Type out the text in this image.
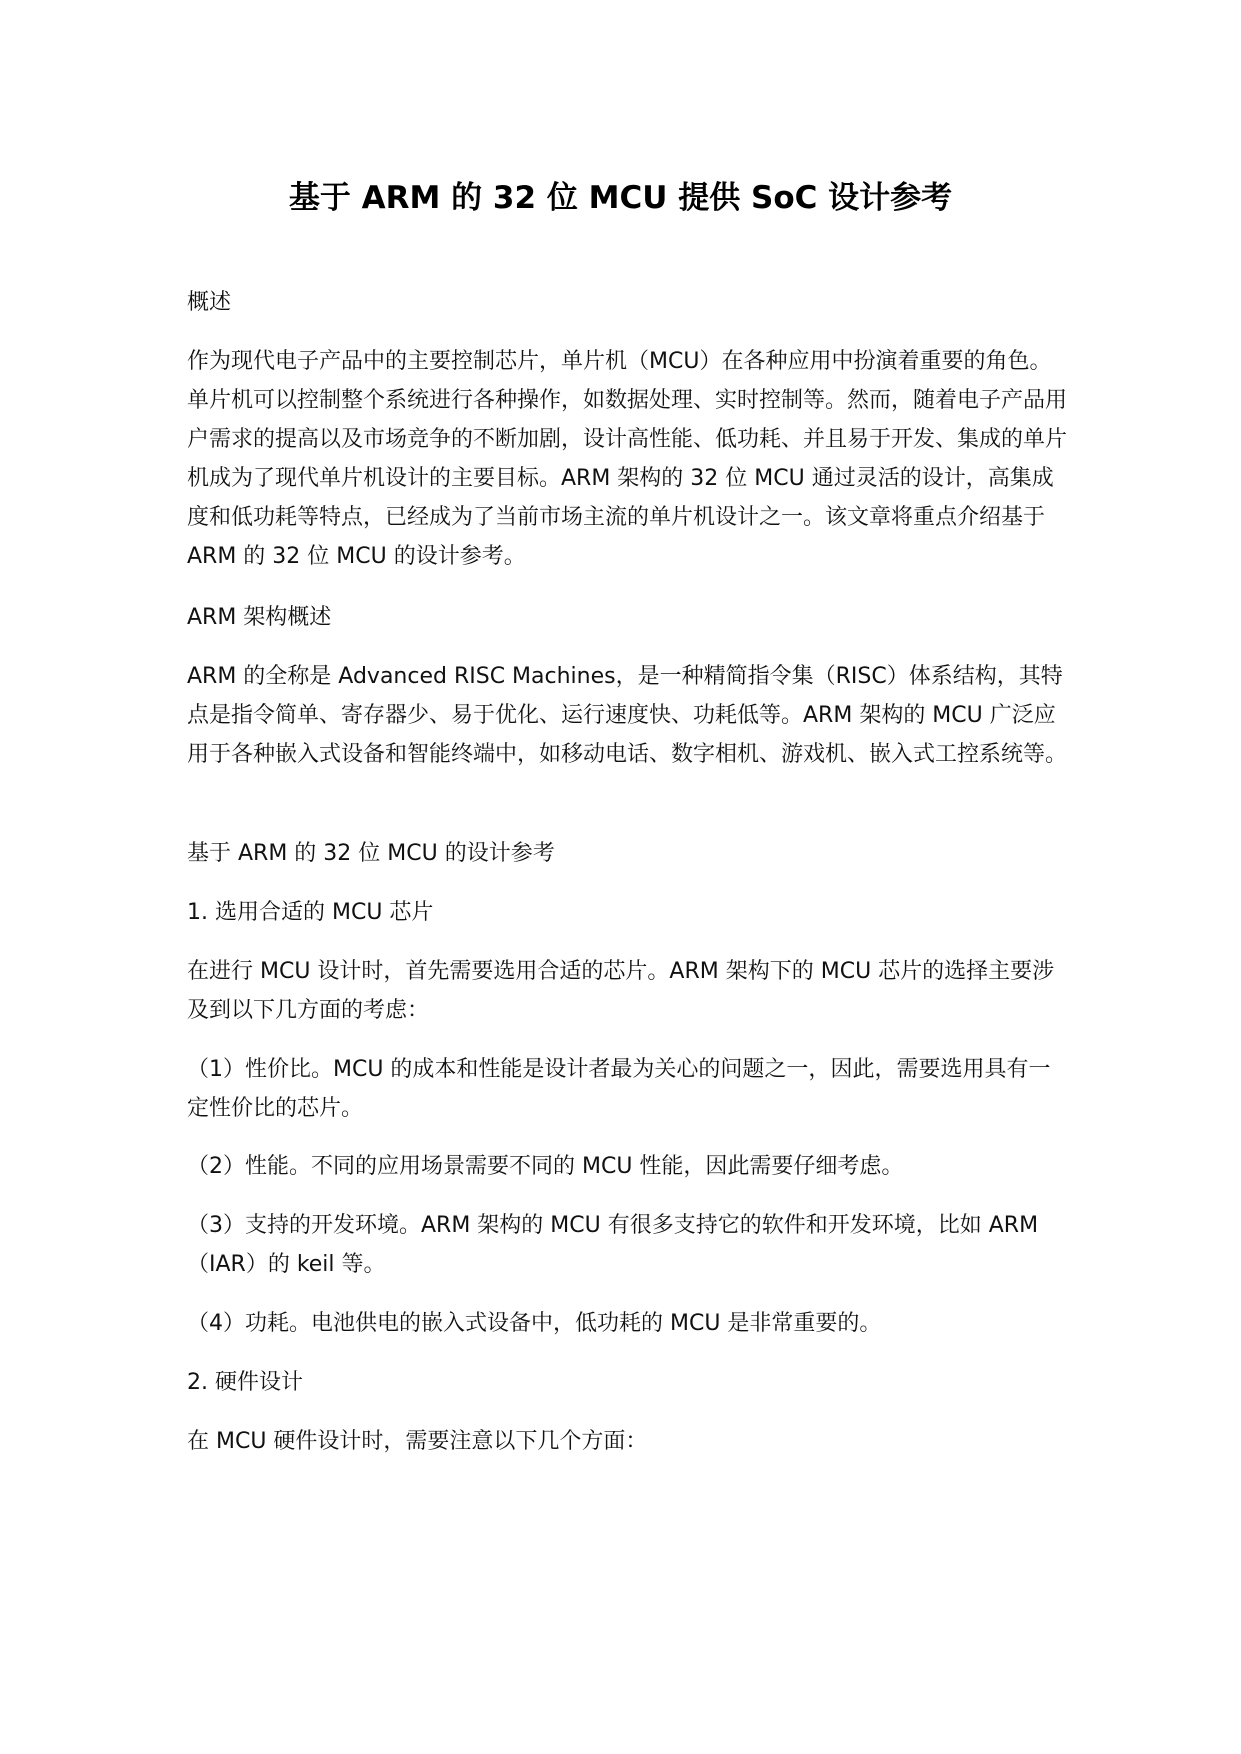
基于 ARM 的 32 位 MCU 提供 SoC 设计参考

概述

作为现代电子产品中的主要控制芯片，单片机（MCU）在各种应用中扮演着重要的角色。单片机可以控制整个系统进行各种操作，如数据处理、实时控制等。然而，随着电子产品用户需求的提高以及市场竞争的不断加剧，设计高性能、低功耗、并且易于开发、集成的单片机成为了现代单片机设计的主要目标。ARM 架构的 32 位 MCU 通过灵活的设计，高集成度和低功耗等特点，已经成为了当前市场主流的单片机设计之一。该文章将重点介绍基于 ARM 的 32 位 MCU 的设计参考。

ARM 架构概述

ARM 的全称是 Advanced RISC Machines，是一种精简指令集（RISC）体系结构，其特点是指令简单、寄存器少、易于优化、运行速度快、功耗低等。ARM 架构的 MCU 广泛应用于各种嵌入式设备和智能终端中，如移动电话、数字相机、游戏机、嵌入式工控系统等。

基于 ARM 的 32 位 MCU 的设计参考

1. 选用合适的 MCU 芯片

在进行 MCU 设计时，首先需要选用合适的芯片。ARM 架构下的 MCU 芯片的选择主要涉及到以下几方面的考虑：

（1）性价比。MCU 的成本和性能是设计者最为关心的问题之一，因此，需要选用具有一定性价比的芯片。

（2）性能。不同的应用场景需要不同的 MCU 性能，因此需要仔细考虑。

（3）支持的开发环境。ARM 架构的 MCU 有很多支持它的软件和开发环境，比如 ARM（IAR）的 keil 等。

（4）功耗。电池供电的嵌入式设备中，低功耗的 MCU 是非常重要的。

2. 硬件设计

在 MCU 硬件设计时，需要注意以下几个方面：
